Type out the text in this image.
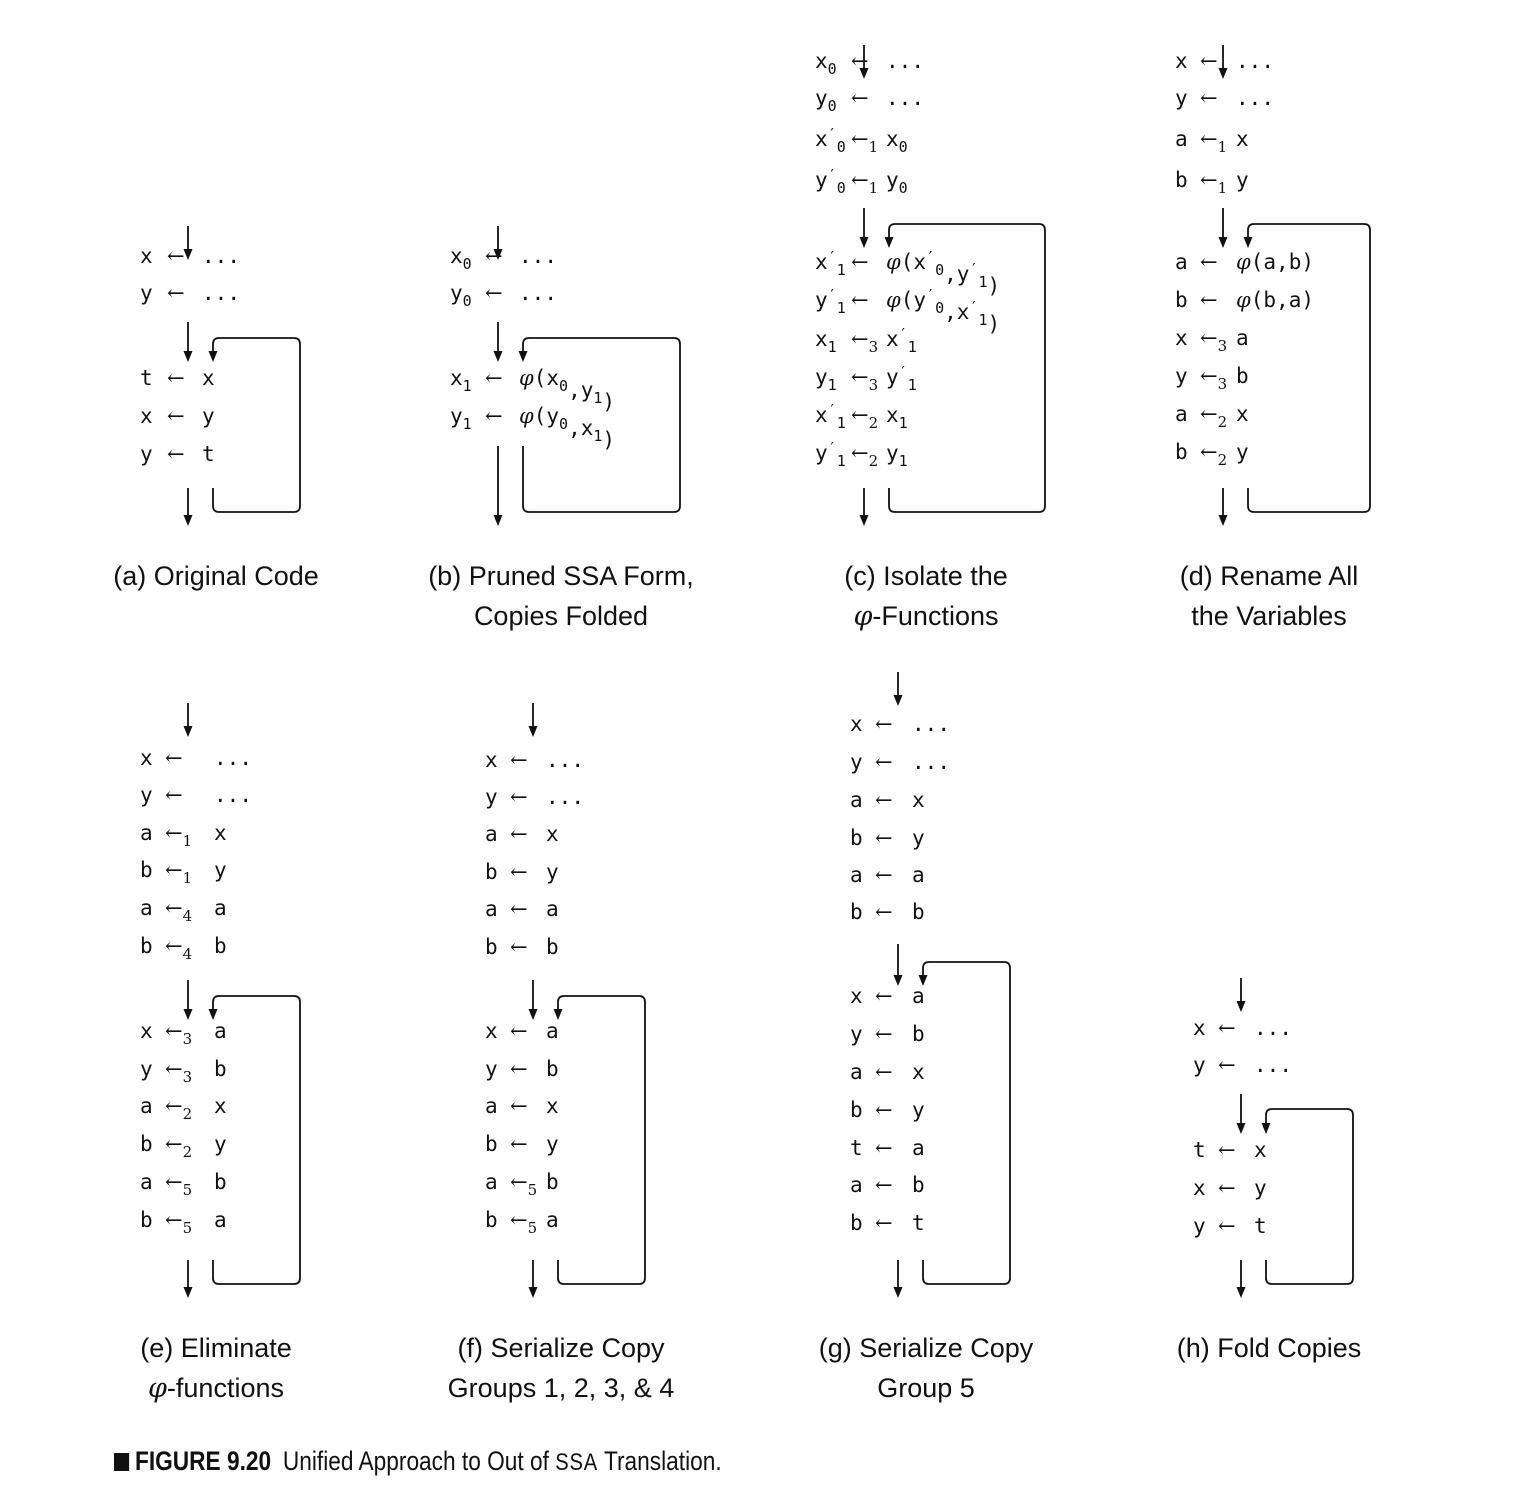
x ← ...
y ← ...
t ← x
x ← y
y ← t
(a) Original Code
$x_0$ ← ...
$y_0$ ← ...
$x_1$ ← $\varphi(x_0,y_1)$
$y_1$ ← $\varphi(y_0,x_1)$
(b) Pruned SSA Form,
Copies Folded
$x_0$ ← ...
$y_0$ ← ...
$x'_0$ $\leftarrow_1$ $x_0$
$y'_0$ $\leftarrow_1$ $y_0$
$x'_1$ ← $\varphi(x'_0,y'_1)$
$y'_1$ ← $\varphi(y'_0,x'_1)$
$x_1$ $\leftarrow_3$ $x'_1$
$y_1$ $\leftarrow_3$ $y'_1$
$x'_1$ $\leftarrow_2$ $x_1$
$y'_1$ $\leftarrow_2$ $y_1$
(c) Isolate the
φ-Functions
x ← ...
y ← ...
a $\leftarrow_1$ x
b $\leftarrow_1$ y
a ← φ(a,b)
b ← φ(b,a)
x $\leftarrow_3$ a
y $\leftarrow_3$ b
a $\leftarrow_2$ x
b $\leftarrow_2$ y
(d) Rename All
the Variables
x ← ...
y ← ...
a $\leftarrow_1$ x
b $\leftarrow_1$ y
a $\leftarrow_4$ a
b $\leftarrow_4$ b
x $\leftarrow_3$ a
y $\leftarrow_3$ b
a $\leftarrow_2$ x
b $\leftarrow_2$ y
a $\leftarrow_5$ b
b $\leftarrow_5$ a
(e) Eliminate
φ-functions
x ← ...
y ← ...
a ← x
b ← y
a ← a
b ← b
x ← a
y ← b
a ← x
b ← y
a $\leftarrow_5$ b
b $\leftarrow_5$ a
(f) Serialize Copy
Groups 1, 2, 3, & 4
x ← ...
y ← ...
a ← x
b ← y
a ← a
b ← b
x ← a
y ← b
a ← x
b ← y
t ← a
a ← b
b ← t
(g) Serialize Copy
Group 5
x ← ...
y ← ...
t ← x
x ← y
y ← t
(h) Fold Copies
FIGURE 9.20 Unified Approach to Out of SSA Translation.
